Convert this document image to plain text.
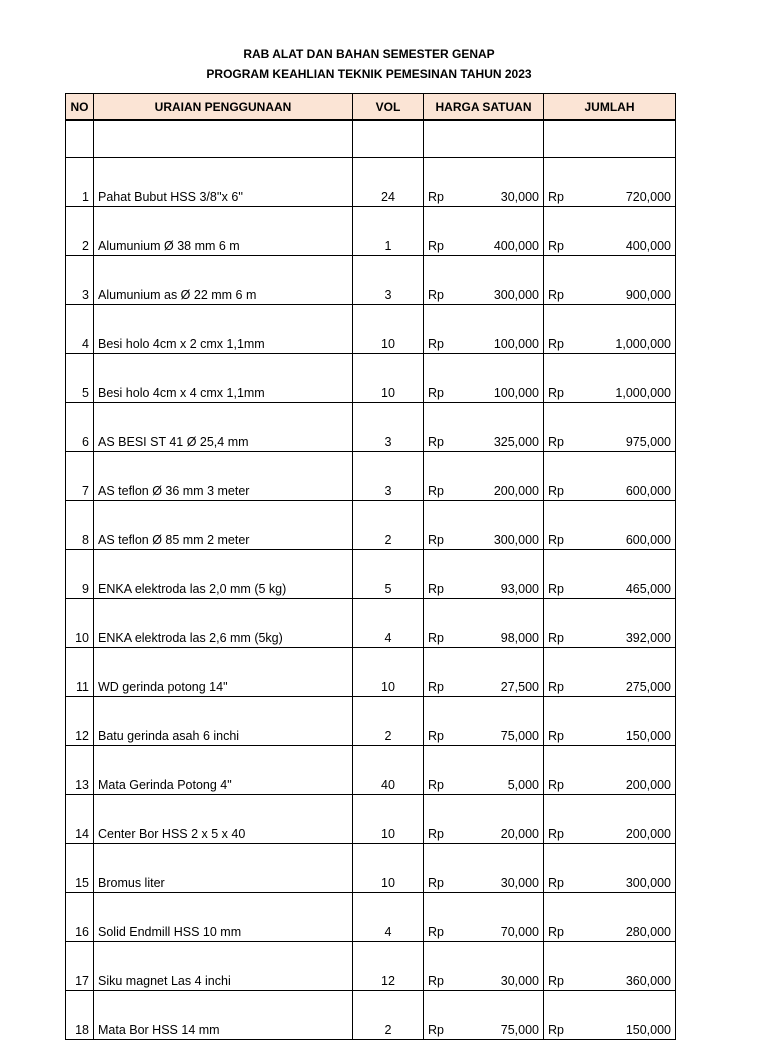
RAB ALAT DAN BAHAN SEMESTER GENAP
PROGRAM KEAHLIAN TEKNIK PEMESINAN TAHUN 2023
NO	URAIAN PENGGUNAAN	VOL	HARGA SATUAN		JUMLAH	

1	Pahat Bubut HSS 3/8''x 6''	24	Rp	30,000	Rp	720,000
2	Alumunium Ø 38 mm 6 m	1	Rp	400,000	Rp	400,000
3	Alumunium as Ø 22 mm 6 m	3	Rp	300,000	Rp	900,000
4	Besi holo 4cm x 2 cmx 1,1mm	10	Rp	100,000	Rp	1,000,000
5	Besi holo 4cm x 4 cmx 1,1mm	10	Rp	100,000	Rp	1,000,000
6	AS BESI ST 41 Ø 25,4 mm	3	Rp	325,000	Rp	975,000
7	AS teflon Ø 36 mm 3 meter	3	Rp	200,000	Rp	600,000
8	AS teflon Ø 85 mm 2 meter	2	Rp	300,000	Rp	600,000
9	ENKA elektroda las 2,0 mm (5 kg)	5	Rp	93,000	Rp	465,000
10	ENKA elektroda las 2,6 mm (5kg)	4	Rp	98,000	Rp	392,000
11	WD gerinda potong 14"	10	Rp	27,500	Rp	275,000
12	Batu gerinda asah 6 inchi	2	Rp	75,000	Rp	150,000
13	Mata Gerinda Potong 4"	40	Rp	5,000	Rp	200,000
14	Center Bor HSS 2 x 5 x 40	10	Rp	20,000	Rp	200,000
15	Bromus liter	10	Rp	30,000	Rp	300,000
16	Solid Endmill HSS 10 mm	4	Rp	70,000	Rp	280,000
17	Siku magnet Las 4 inchi	12	Rp	30,000	Rp	360,000
18	Mata Bor HSS 14 mm	2	Rp	75,000	Rp	150,000
